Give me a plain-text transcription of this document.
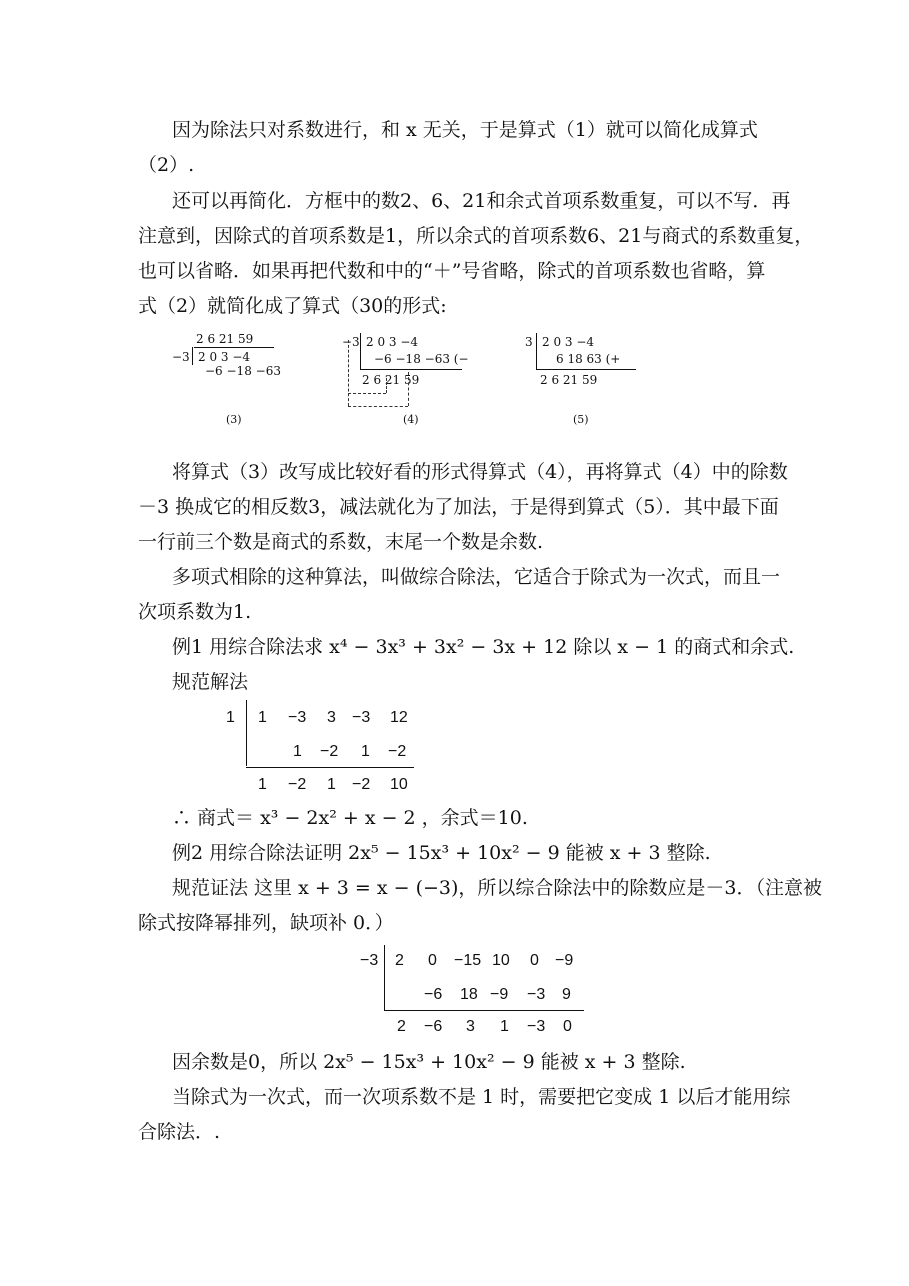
因为除法只对系数进行，和 x 无关，于是算式（1）就可以简化成算式
（2）.
还可以再简化．方框中的数2、6、21和余式首项系数重复，可以不写．再
注意到，因除式的首项系数是1，所以余式的首项系数6、21与商式的系数重复，
也可以省略．如果再把代数和中的“＋”号省略，除式的首项系数也省略，算
式（2）就简化成了算式（30的形式:
2 6 21 59
−3 2 0 3 −4
−6 −18 −63
(3)
−3 2 0 3 −4
−6 −18 −63 (−
2 6 21 59
(4)
3 2 0 3 −4
6 18 63 (+
2 6 21 59
(5)
将算式（3）改写成比较好看的形式得算式（4），再将算式（4）中的除数
－3 换成它的相反数3，减法就化为了加法，于是得到算式（5）．其中最下面
一行前三个数是商式的系数，末尾一个数是余数.
多项式相除的这种算法，叫做综合除法，它适合于除式为一次式，而且一
次项系数为1.
例1 用综合除法求 x⁴ − 3x³ + 3x² − 3x + 12 除以 x − 1 的商式和余式.
规范解法
1 1 −3 3 −3 12
1 −2 1 −2
1 −2 1 −2 10
∴ 商式＝ x³ − 2x² + x − 2 ，余式＝10.
例2 用综合除法证明 2x⁵ − 15x³ + 10x² − 9 能被 x + 3 整除.
规范证法 这里 x + 3 = x − (−3)，所以综合除法中的除数应是－3．（注意被
除式按降幂排列，缺项补 0．）
−3 2 0 −15 10 0 −9
−6 18 −9 −3 9
2 −6 3 1 −3 0
因余数是0，所以 2x⁵ − 15x³ + 10x² − 9 能被 x + 3 整除.
当除式为一次式，而一次项系数不是 1 时，需要把它变成 1 以后才能用综
合除法．.
